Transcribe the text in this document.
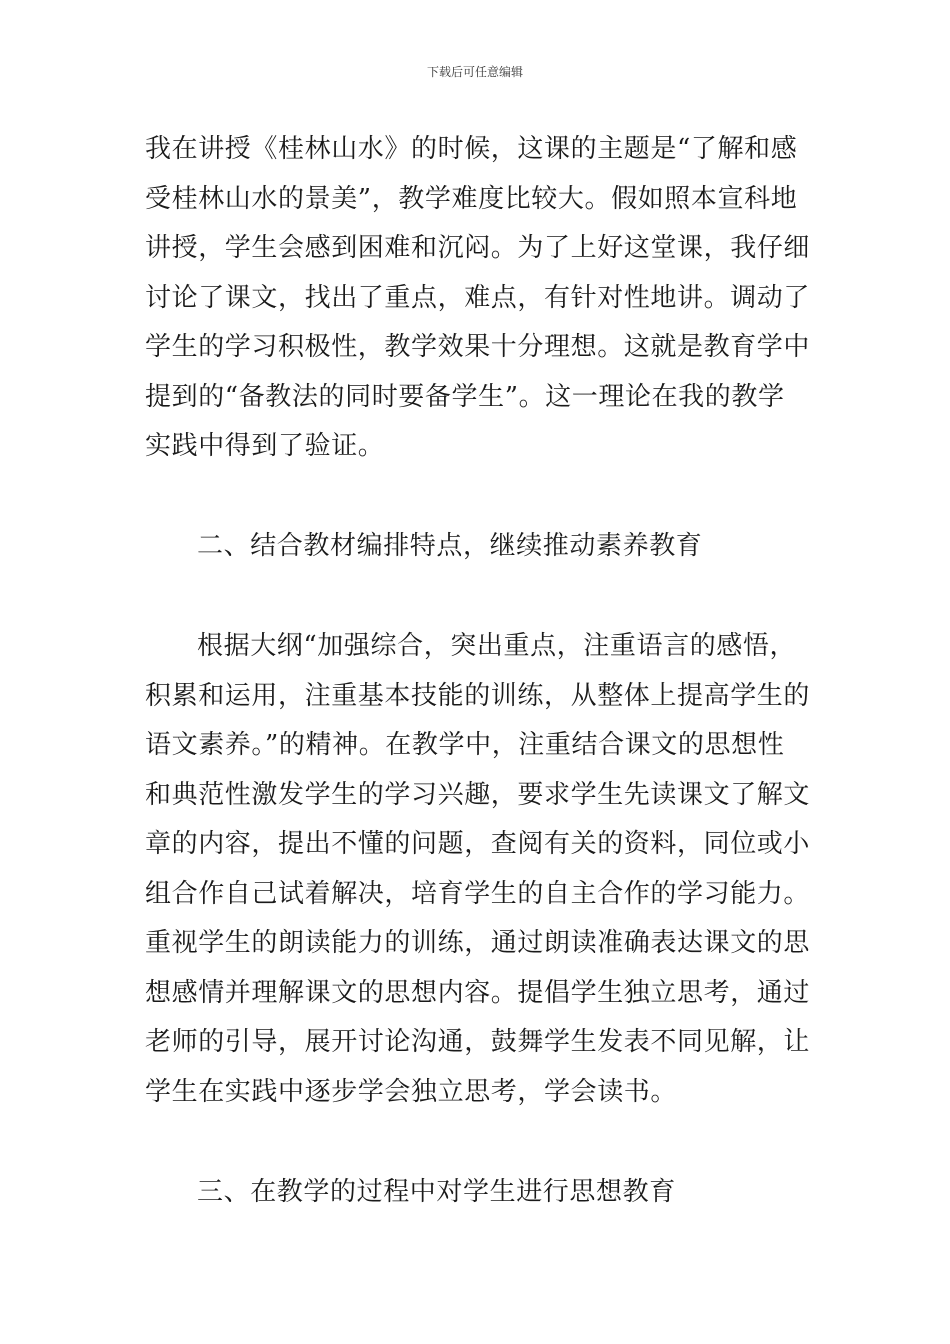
下载后可任意编辑
我在讲授《桂林山水》的时候，这课的主题是“了解和感
受桂林山水的景美”，教学难度比较大。假如照本宣科地
讲授，学生会感到困难和沉闷。为了上好这堂课，我仔细
讨论了课文，找出了重点，难点，有针对性地讲。调动了
学生的学习积极性，教学效果十分理想。这就是教育学中
提到的“备教法的同时要备学生”。这一理论在我的教学
实践中得到了验证。
二、结合教材编排特点，继续推动素养教育
根据大纲“加强综合，突出重点，注重语言的感悟，
积累和运用，注重基本技能的训练，从整体上提高学生的
语文素养。”的精神。在教学中，注重结合课文的思想性
和典范性激发学生的学习兴趣，要求学生先读课文了解文
章的内容，提出不懂的问题，查阅有关的资料，同位或小
组合作自己试着解决，培育学生的自主合作的学习能力。
重视学生的朗读能力的训练，通过朗读准确表达课文的思
想感情并理解课文的思想内容。提倡学生独立思考，通过
老师的引导，展开讨论沟通，鼓舞学生发表不同见解，让
学生在实践中逐步学会独立思考，学会读书。
三、在教学的过程中对学生进行思想教育
